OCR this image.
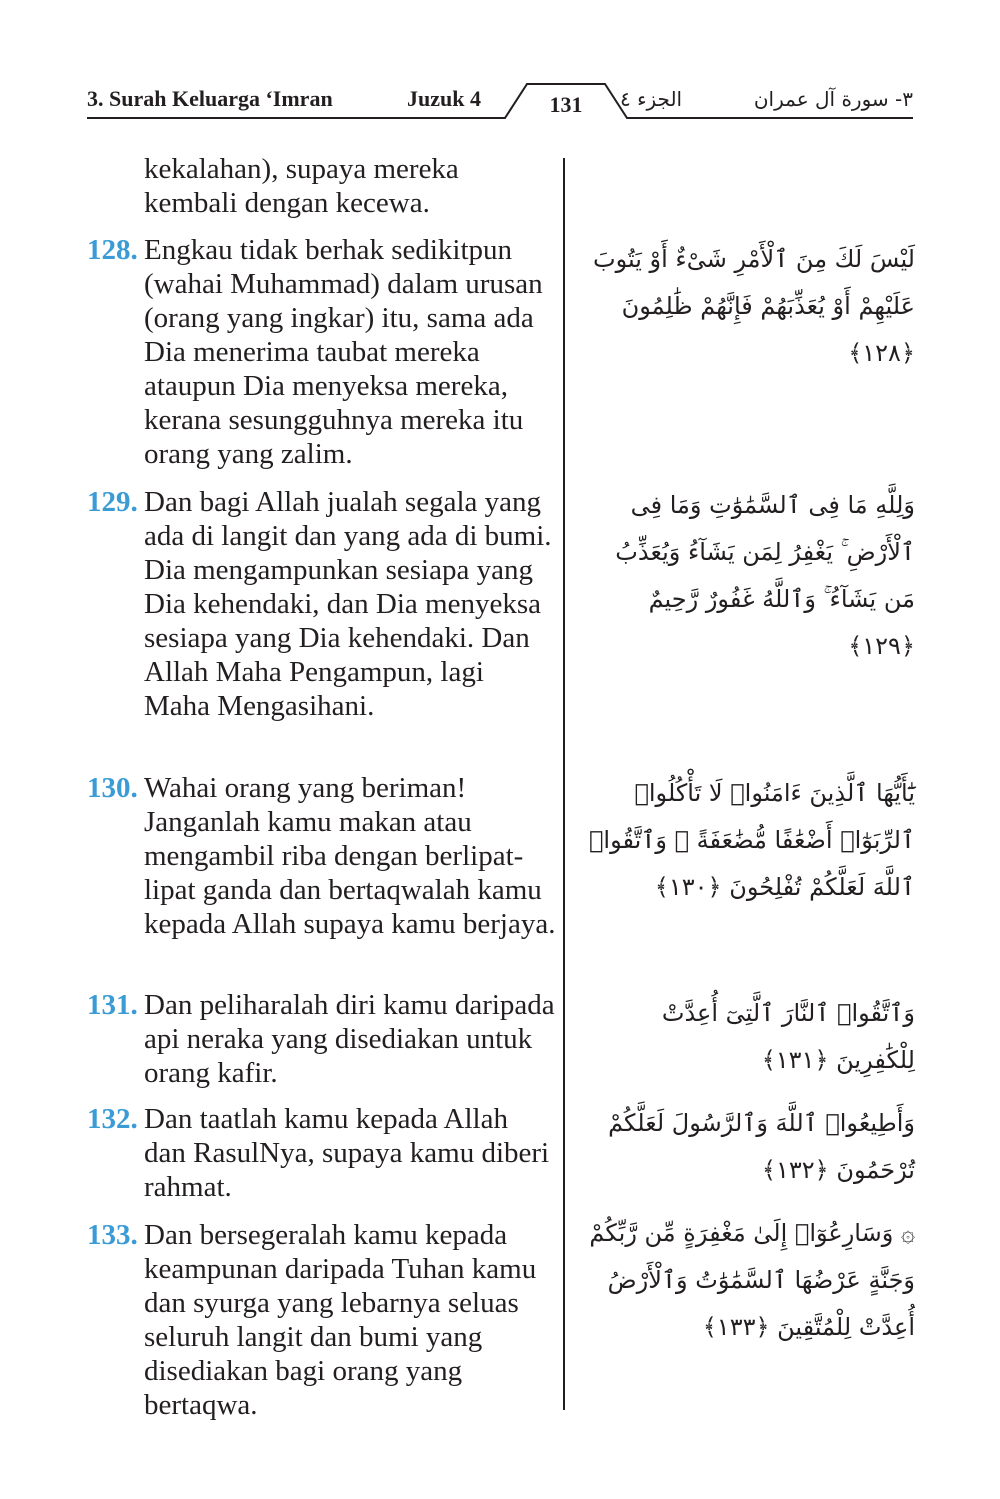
3. Surah Keluarga ‘Imran	Juzuk 4	131	الجزء ٤	٣- سورة آل عمران
kekalahan), supaya mereka kembali dengan kecewa.
128. Engkau tidak berhak sedikitpun (wahai Muhammad) dalam urusan (orang yang ingkar) itu, sama ada Dia menerima taubat mereka ataupun Dia menyeksa mereka, kerana sesungguhnya mereka itu orang yang zalim.
لَيْسَ لَكَ مِنَ ٱلْأَمْرِ شَىْءٌ أَوْ يَتُوبَ عَلَيْهِمْ أَوْ يُعَذِّبَهُمْ فَإِنَّهُمْ ظَٰلِمُونَ ﴿١٢٨﴾
129. Dan bagi Allah jualah segala yang ada di langit dan yang ada di bumi. Dia mengampunkan sesiapa yang Dia kehendaki, dan Dia menyeksa sesiapa yang Dia kehendaki. Dan Allah Maha Pengampun, lagi Maha Mengasihani.
وَلِلَّهِ مَا فِى ٱلسَّمَٰوَٰتِ وَمَا فِى ٱلْأَرْضِ ۚ يَغْفِرُ لِمَن يَشَآءُ وَيُعَذِّبُ مَن يَشَآءُ ۚ وَٱللَّهُ غَفُورٌ رَّحِيمٌ ﴿١٢٩﴾
130. Wahai orang yang beriman! Janganlah kamu makan atau mengambil riba dengan berlipat-lipat ganda dan bertaqwalah kamu kepada Allah supaya kamu berjaya.
يَٰٓأَيُّهَا ٱلَّذِينَ ءَامَنُوا۟ لَا تَأْكُلُوا۟ ٱلرِّبَوٰٓا۟ أَضْعَٰفًا مُّضَٰعَفَةً ۖ وَٱتَّقُوا۟ ٱللَّهَ لَعَلَّكُمْ تُفْلِحُونَ ﴿١٣٠﴾
131. Dan peliharalah diri kamu daripada api neraka yang disediakan untuk orang kafir.
وَٱتَّقُوا۟ ٱلنَّارَ ٱلَّتِىٓ أُعِدَّتْ لِلْكَٰفِرِينَ ﴿١٣١﴾
132. Dan taatlah kamu kepada Allah dan RasulNya, supaya kamu diberi rahmat.
وَأَطِيعُوا۟ ٱللَّهَ وَٱلرَّسُولَ لَعَلَّكُمْ تُرْحَمُونَ ﴿١٣٢﴾
133. Dan bersegeralah kamu kepada keampunan daripada Tuhan kamu dan syurga yang lebarnya seluas seluruh langit dan bumi yang disediakan bagi orang yang bertaqwa.
۞ وَسَارِعُوٓا۟ إِلَىٰ مَغْفِرَةٍ مِّن رَّبِّكُمْ وَجَنَّةٍ عَرْضُهَا ٱلسَّمَٰوَٰتُ وَٱلْأَرْضُ أُعِدَّتْ لِلْمُتَّقِينَ ﴿١٣٣﴾
